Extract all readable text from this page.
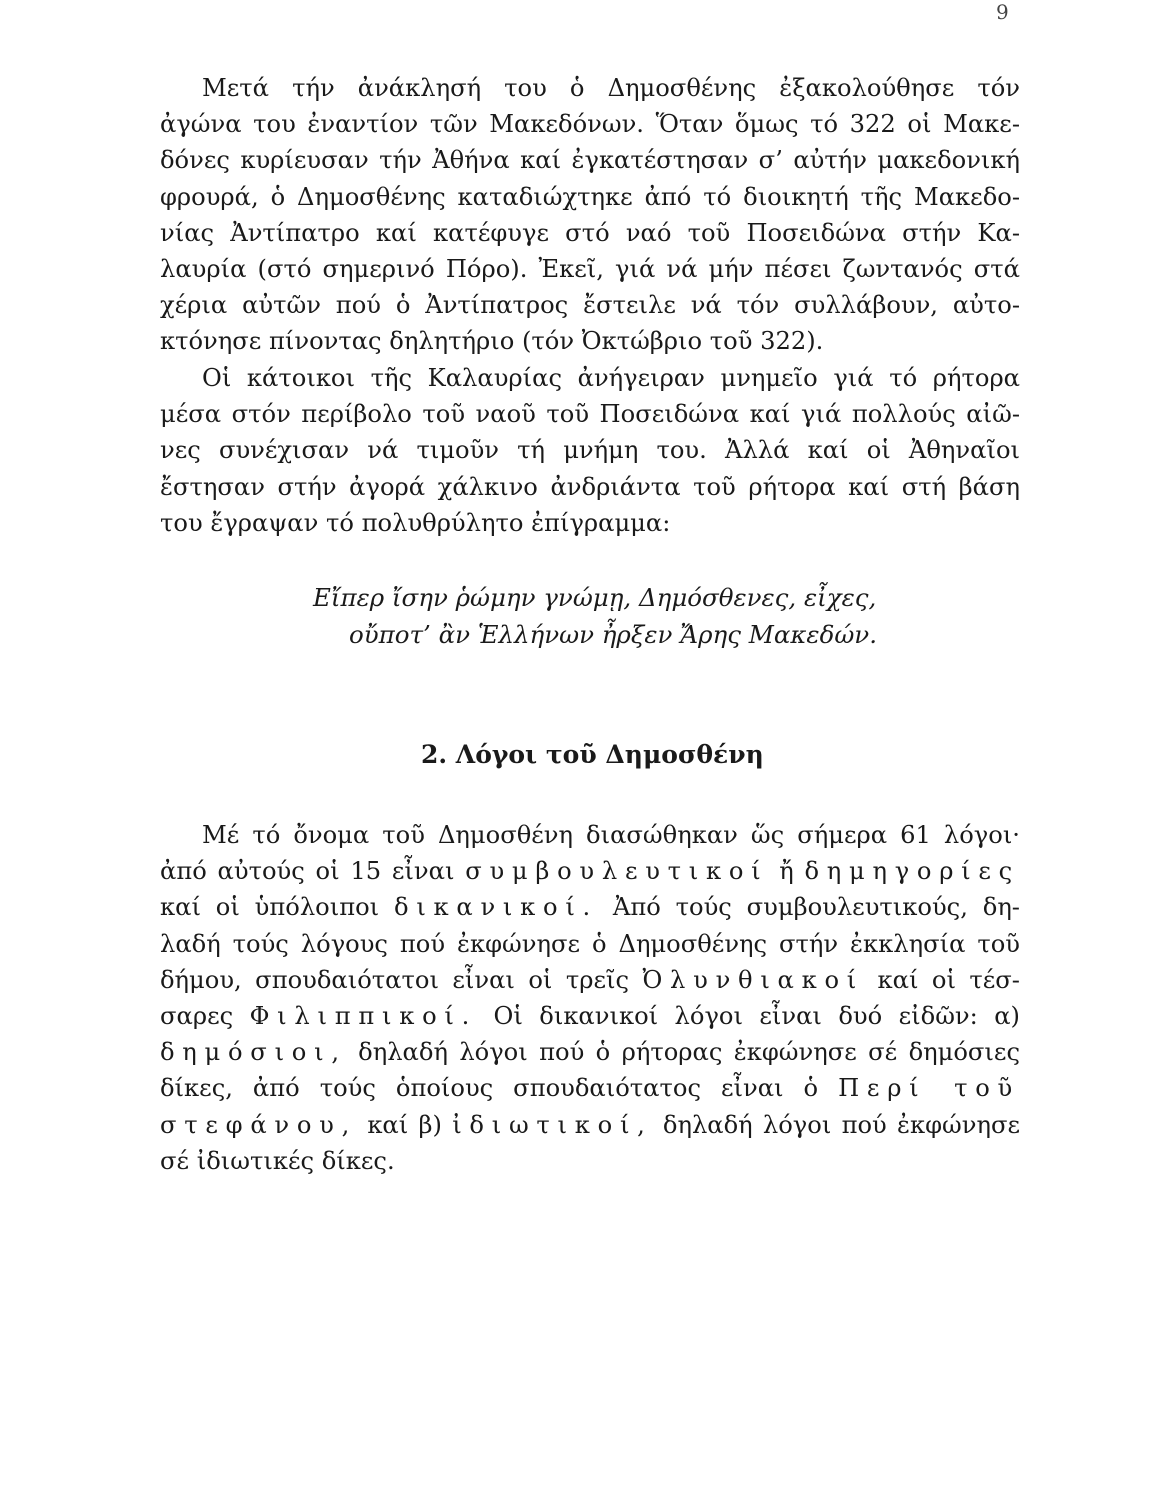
9
Μετά τήν ἀνάκλησή του ὁ Δημοσθένης ἐξακολούθησε τόν
ἀγώνα του ἐναντίον τῶν Μακεδόνων. Ὅταν ὅμως τό 322 οἱ Μακε-
δόνες κυρίευσαν τήν Ἀθήνα καί ἐγκατέστησαν σ’ αὐτήν μακεδονική
φρουρά, ὁ Δημοσθένης καταδιώχτηκε ἀπό τό διοικητή τῆς Μακεδο-
νίας Ἀντίπατρο καί κατέφυγε στό ναό τοῦ Ποσειδώνα στήν Κα-
λαυρία (στό σημερινό Πόρο). Ἐκεῖ, γιά νά μήν πέσει ζωντανός στά
χέρια αὐτῶν πού ὁ Ἀντίπατρος ἔστειλε νά τόν συλλάβουν, αὐτο-
κτόνησε πίνοντας δηλητήριο (τόν Ὀκτώβριο τοῦ 322).
Οἱ κάτοικοι τῆς Καλαυρίας ἀνήγειραν μνημεῖο γιά τό ρήτορα
μέσα στόν περίβολο τοῦ ναοῦ τοῦ Ποσειδώνα καί γιά πολλούς αἰῶ-
νες συνέχισαν νά τιμοῦν τή μνήμη του. Ἀλλά καί οἱ Ἀθηναῖοι
ἔστησαν στήν ἀγορά χάλκινο ἀνδριάντα τοῦ ρήτορα καί στή βάση
του ἔγραψαν τό πολυθρύλητο ἐπίγραμμα:
Εἴπερ ἴσην ῥώμην γνώμῃ, Δημόσθενες, εἶχες,
οὔποτ’ ἂν Ἑλλήνων ἦρξεν Ἄρης Μακεδών.
2. Λόγοι τοῦ Δημοσθένη
Μέ τό ὄνομα τοῦ Δημοσθένη διασώθηκαν ὥς σήμερα 61 λόγοι·
ἀπό αὐτούς οἱ 15 εἶναι συμβουλευτικοί ἤ δημηγορίες
καί οἱ ὑπόλοιποι δικανικοί. Ἀπό τούς συμβουλευτικούς, δη-
λαδή τούς λόγους πού ἐκφώνησε ὁ Δημοσθένης στήν ἐκκλησία τοῦ
δήμου, σπουδαιότατοι εἶναι οἱ τρεῖς Ὀλυνθιακοί καί οἱ τέσ-
σαρες Φιλιππικοί. Οἱ δικανικοί λόγοι εἶναι δυό εἰδῶν: α)
δημόσιοι, δηλαδή λόγοι πού ὁ ρήτορας ἐκφώνησε σέ δημόσιες
δίκες, ἀπό τούς ὁποίους σπουδαιότατος εἶναι ὁ Περί τοῦ
στεφάνου, καί β) ἰδιωτικοί, δηλαδή λόγοι πού ἐκφώνησε
σέ ἰδιωτικές δίκες.
